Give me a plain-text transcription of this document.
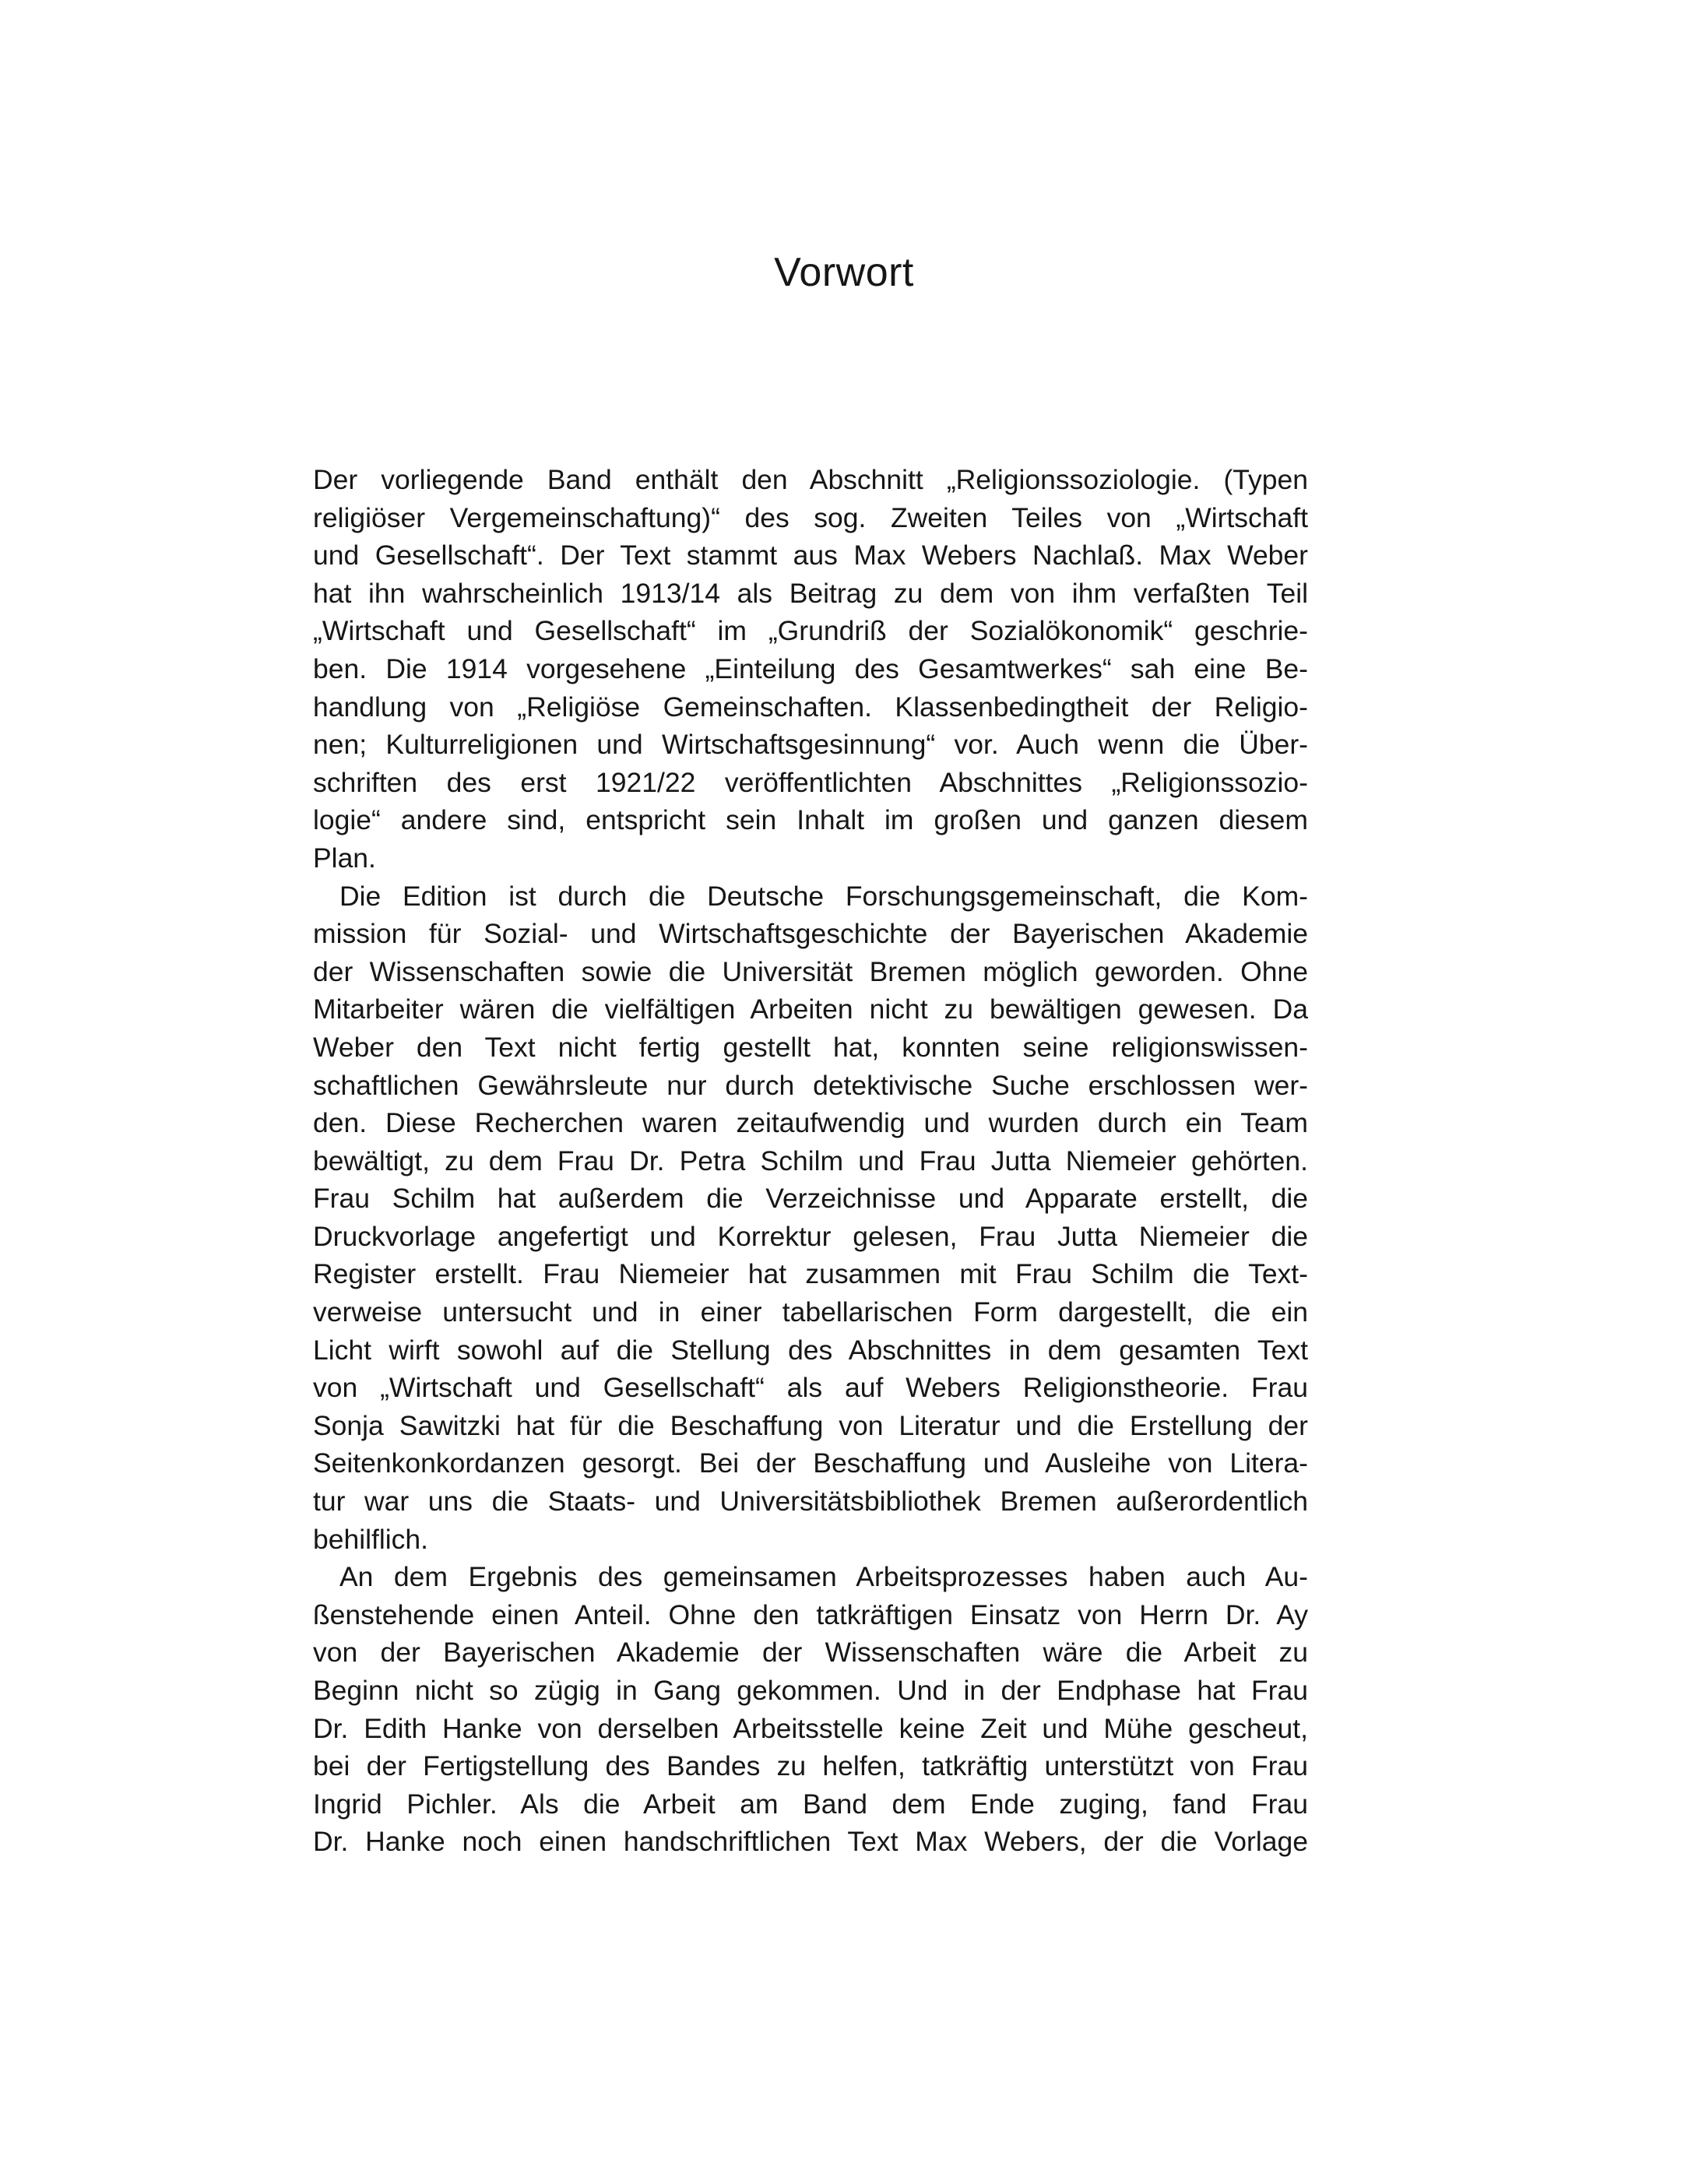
Vorwort
Der vorliegende Band enthält den Abschnitt „Religionssoziologie. (Typen
religiöser Vergemeinschaftung)“ des sog. Zweiten Teiles von „Wirtschaft
und Gesellschaft“. Der Text stammt aus Max Webers Nachlaß. Max Weber
hat ihn wahrscheinlich 1913/14 als Beitrag zu dem von ihm verfaßten Teil
„Wirtschaft und Gesellschaft“ im „Grundriß der Sozialökonomik“ geschrie-
ben. Die 1914 vorgesehene „Einteilung des Gesamtwerkes“ sah eine Be-
handlung von „Religiöse Gemeinschaften. Klassenbedingtheit der Religio-
nen; Kulturreligionen und Wirtschaftsgesinnung“ vor. Auch wenn die Über-
schriften des erst 1921/22 veröffentlichten Abschnittes „Religionssozio-
logie“ andere sind, entspricht sein Inhalt im großen und ganzen diesem
Plan.
Die Edition ist durch die Deutsche Forschungsgemeinschaft, die Kom-
mission für Sozial- und Wirtschaftsgeschichte der Bayerischen Akademie
der Wissenschaften sowie die Universität Bremen möglich geworden. Ohne
Mitarbeiter wären die vielfältigen Arbeiten nicht zu bewältigen gewesen. Da
Weber den Text nicht fertig gestellt hat, konnten seine religionswissen-
schaftlichen Gewährsleute nur durch detektivische Suche erschlossen wer-
den. Diese Recherchen waren zeitaufwendig und wurden durch ein Team
bewältigt, zu dem Frau Dr. Petra Schilm und Frau Jutta Niemeier gehörten.
Frau Schilm hat außerdem die Verzeichnisse und Apparate erstellt, die
Druckvorlage angefertigt und Korrektur gelesen, Frau Jutta Niemeier die
Register erstellt. Frau Niemeier hat zusammen mit Frau Schilm die Text-
verweise untersucht und in einer tabellarischen Form dargestellt, die ein
Licht wirft sowohl auf die Stellung des Abschnittes in dem gesamten Text
von „Wirtschaft und Gesellschaft“ als auf Webers Religionstheorie. Frau
Sonja Sawitzki hat für die Beschaffung von Literatur und die Erstellung der
Seitenkonkordanzen gesorgt. Bei der Beschaffung und Ausleihe von Litera-
tur war uns die Staats- und Universitätsbibliothek Bremen außerordentlich
behilflich.
An dem Ergebnis des gemeinsamen Arbeitsprozesses haben auch Au-
ßenstehende einen Anteil. Ohne den tatkräftigen Einsatz von Herrn Dr. Ay
von der Bayerischen Akademie der Wissenschaften wäre die Arbeit zu
Beginn nicht so zügig in Gang gekommen. Und in der Endphase hat Frau
Dr. Edith Hanke von derselben Arbeitsstelle keine Zeit und Mühe gescheut,
bei der Fertigstellung des Bandes zu helfen, tatkräftig unterstützt von Frau
Ingrid Pichler. Als die Arbeit am Band dem Ende zuging, fand Frau
Dr. Hanke noch einen handschriftlichen Text Max Webers, der die Vorlage
